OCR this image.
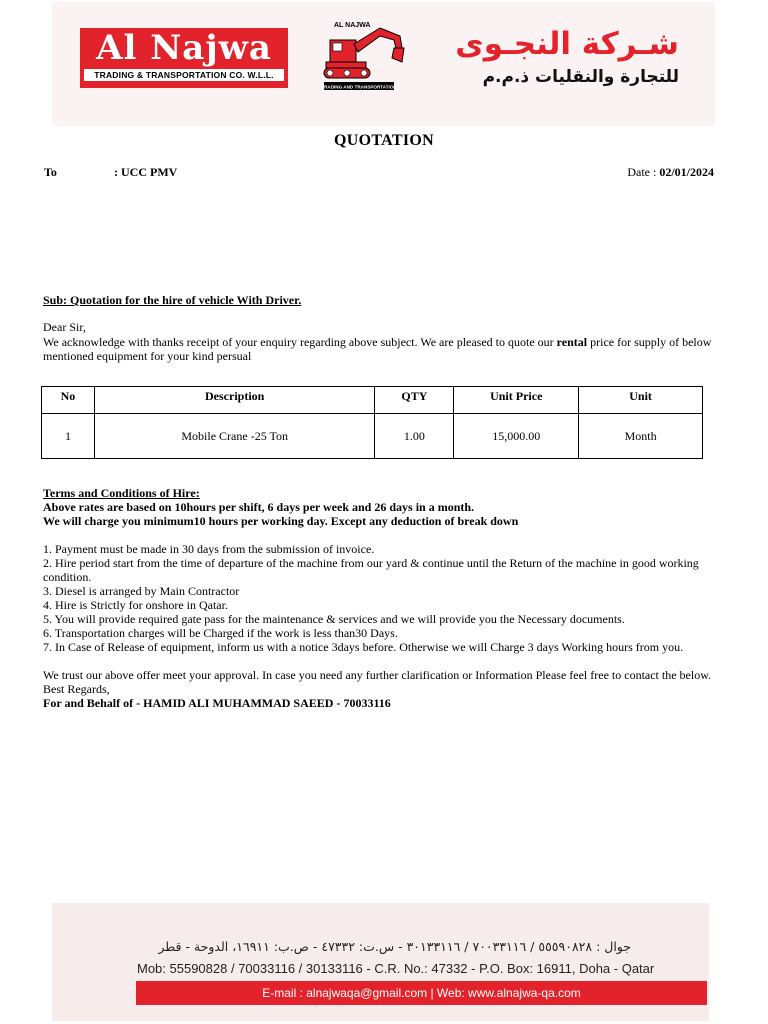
Al Najwa
TRADING & TRANSPORTATION CO. W.L.L.
AL NAJWA
TRADING AND TRANSPORTATION
شـركة النجـوى
للتجارة والنقليات ذ.م.م
QUOTATION
To	: UCC PMV	Date : 02/01/2024
Sub: Quotation for the hire of vehicle With Driver.

Dear Sir,

We acknowledge with thanks receipt of your enquiry regarding above subject. We are pleased to quote our rental price for supply of below mentioned equipment for your kind persual

No	Description	QTY	Unit Price	Unit
1	Mobile Crane -25 Ton	1.00	15,000.00	Month
Terms and Conditions of Hire:
Above rates are based on 10hours per shift, 6 days per week and 26 days in a month.
We will charge you minimum10 hours per working day. Except any deduction of break down
1. Payment must be made in 30 days from the submission of invoice.
2. Hire period start from the time of departure of the machine from our yard & continue until the Return of the machine in good working condition.
3. Diesel is arranged by Main Contractor
4. Hire is Strictly for onshore in Qatar.
5. You will provide required gate pass for the maintenance & services and we will provide you the Necessary documents.
6. Transportation charges will be Charged if the work is less than30 Days.
7. In Case of Release of equipment, inform us with a notice 3days before. Otherwise we will Charge 3 days Working hours from you.
We trust our above offer meet your approval. In case you need any further clarification or Information Please feel free to contact the below.
Best Regards,
For and Behalf of - HAMID ALI MUHAMMAD SAEED - 70033116
جوال : ٥٥٥٩٠٨٢٨ / ٧٠٠٣٣١١٦ / ٣٠١٣٣١١٦ - س.ت: ٤٧٣٣٢ - ص.ب: ١٦٩١١، الدوحة - قطر
Mob: 55590828 / 70033116 / 30133116 - C.R. No.: 47332 - P.O. Box: 16911, Doha - Qatar
E-mail : alnajwaqa@gmail.com | Web: www.alnajwa-qa.com
